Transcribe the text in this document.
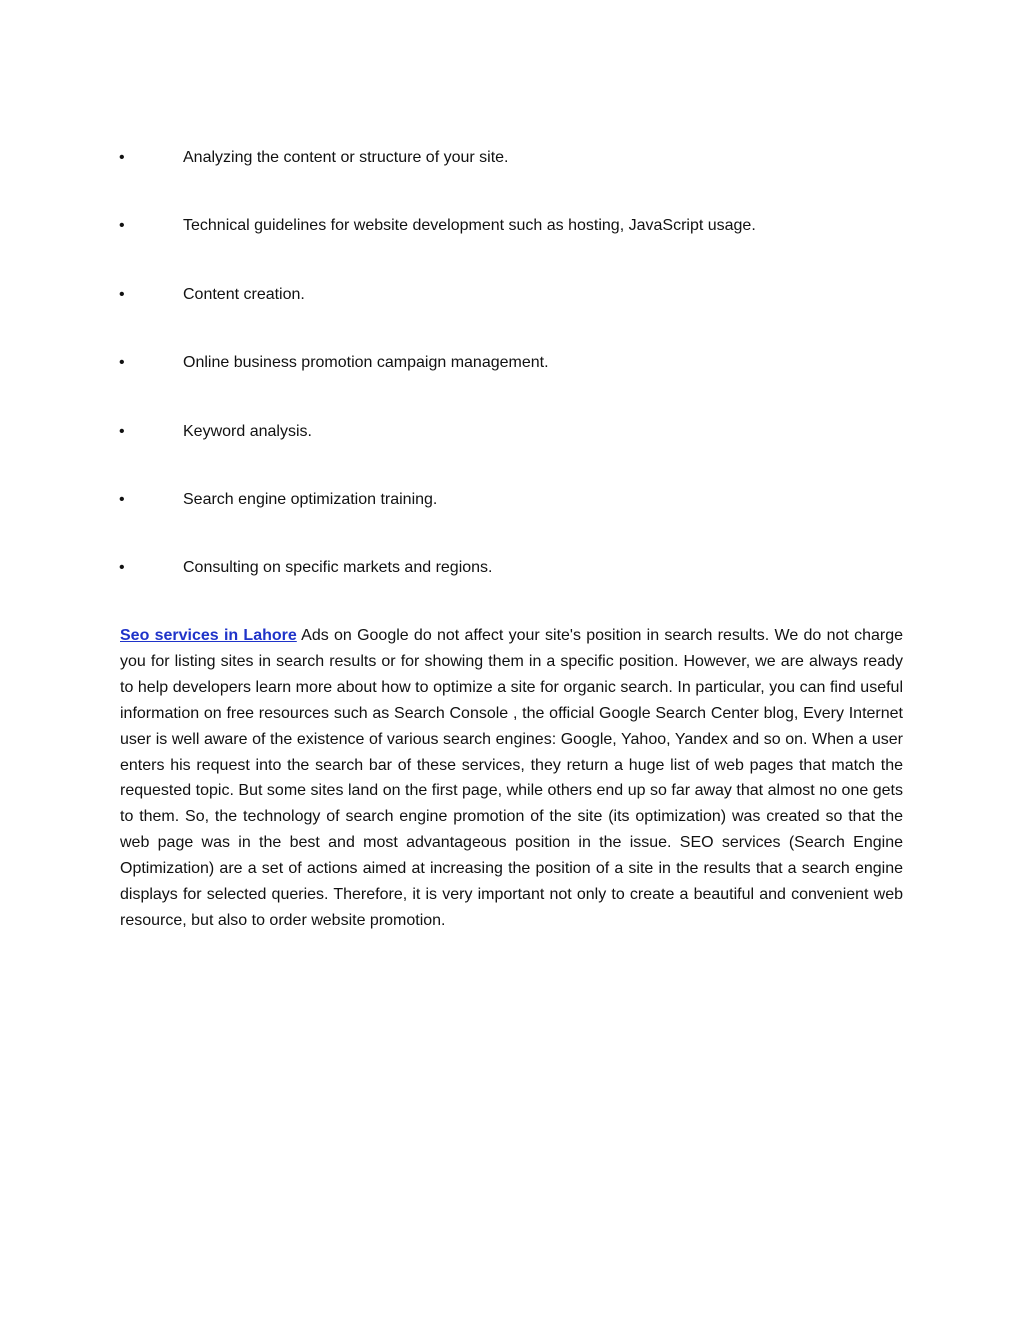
•	Analyzing the content or structure of your site.
•	Technical guidelines for website development such as hosting, JavaScript usage.
•	Content creation.
•	Online business promotion campaign management.
•	Keyword analysis.
•	Search engine optimization training.
•	Consulting on specific markets and regions.

Seo services in Lahore Ads on Google do not affect your site's position in search results. We do not charge you for listing sites in search results or for showing them in a specific position. However, we are always ready to help developers learn more about how to optimize a site for organic search. In particular, you can find useful information on free resources such as Search Console , the official Google Search Center blog, Every Internet user is well aware of the existence of various search engines: Google, Yahoo, Yandex and so on. When a user enters his request into the search bar of these services, they return a huge list of web pages that match the requested topic. But some sites land on the first page, while others end up so far away that almost no one gets to them. So, the technology of search engine promotion of the site (its optimization) was created so that the web page was in the best and most advantageous position in the issue. SEO services (Search Engine Optimization) are a set of actions aimed at increasing the position of a site in the results that a search engine displays for selected queries. Therefore, it is very important not only to create a beautiful and convenient web resource, but also to order website promotion.
